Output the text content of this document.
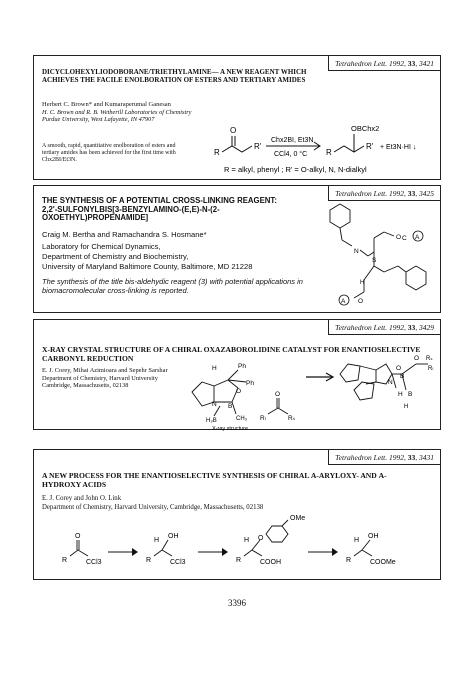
Tetrahedron Lett. 1992, 33, 3421
DICYCLOHEXYLIODOBORANE/TRIETHYLAMINE— A NEW REAGENT WHICH ACHIEVES THE FACILE ENOLBORATION OF ESTERS AND TERTIARY AMIDES
Herbert C. Brown* and Kumaraperumal Ganesan
H. C. Brown and R. B. Wetherill Laboratories of Chemistry
Purdue University, West Lafayette, IN 47907
A smooth, rapid, quantitative enolboration of esters and tertiary amides has been achieved for the first time with Chx2BI/Et3N.
R
O
R'
Chx2BI, Et3N
CCl4, 0 °C R
OBChx2
R' + Et3N·HI ↓
R = alkyl, phenyl ; R' = O-alkyl, N, N-dialkyl
Tetrahedron Lett. 1992, 33, 3425
THE SYNTHESIS OF A POTENTIAL CROSS-LINKING REAGENT: 2,2'-SULFONYLBIS[3-BENZYLAMINO-(E,E)-N-(2-OXOETHYL)PROPENAMIDE]
Craig M. Bertha and Ramachandra S. Hosmane*
Laboratory for Chemical Dynamics,
Department of Chemistry and Biochemistry,
University of Maryland Baltimore County, Baltimore, MD 21228
The synthesis of the title bis-aldehydic reagent (3) with potential applications in biomacromolecular cross-linking is reported.
N
O C A
S
H
A O
Tetrahedron Lett. 1992, 33, 3429
X-RAY CRYSTAL STRUCTURE OF A CHIRAL OXAZABOROLIDINE CATALYST FOR ENANTIOSELECTIVE CARBONYL REDUCTION
E. J. Corey, Mihai Azimioara and Sepehr Sarshar
Department of Chemistry, Harvard University
Cambridge, Massachusetts, 02138
H	Ph
Ph
O
N B
CH₃
H₃B
X-ray structure
O
Rₗ	Rₛ
O
B
N
H B
O Rₛ
Rₗ
H
Tetrahedron Lett. 1992, 33, 3431
A NEW PROCESS FOR THE ENANTIOSELECTIVE SYNTHESIS OF CHIRAL Α-ARYLOXY- AND Α-HYDROXY ACIDS
E. J. Corey and John O. Link
Department of Chemistry, Harvard University, Cambridge, Massachusetts, 02138
O
R	CCl3
H
OH
R	CCl3
H O
OMe
R	COOH
H
OH
R	COOMe
3396
